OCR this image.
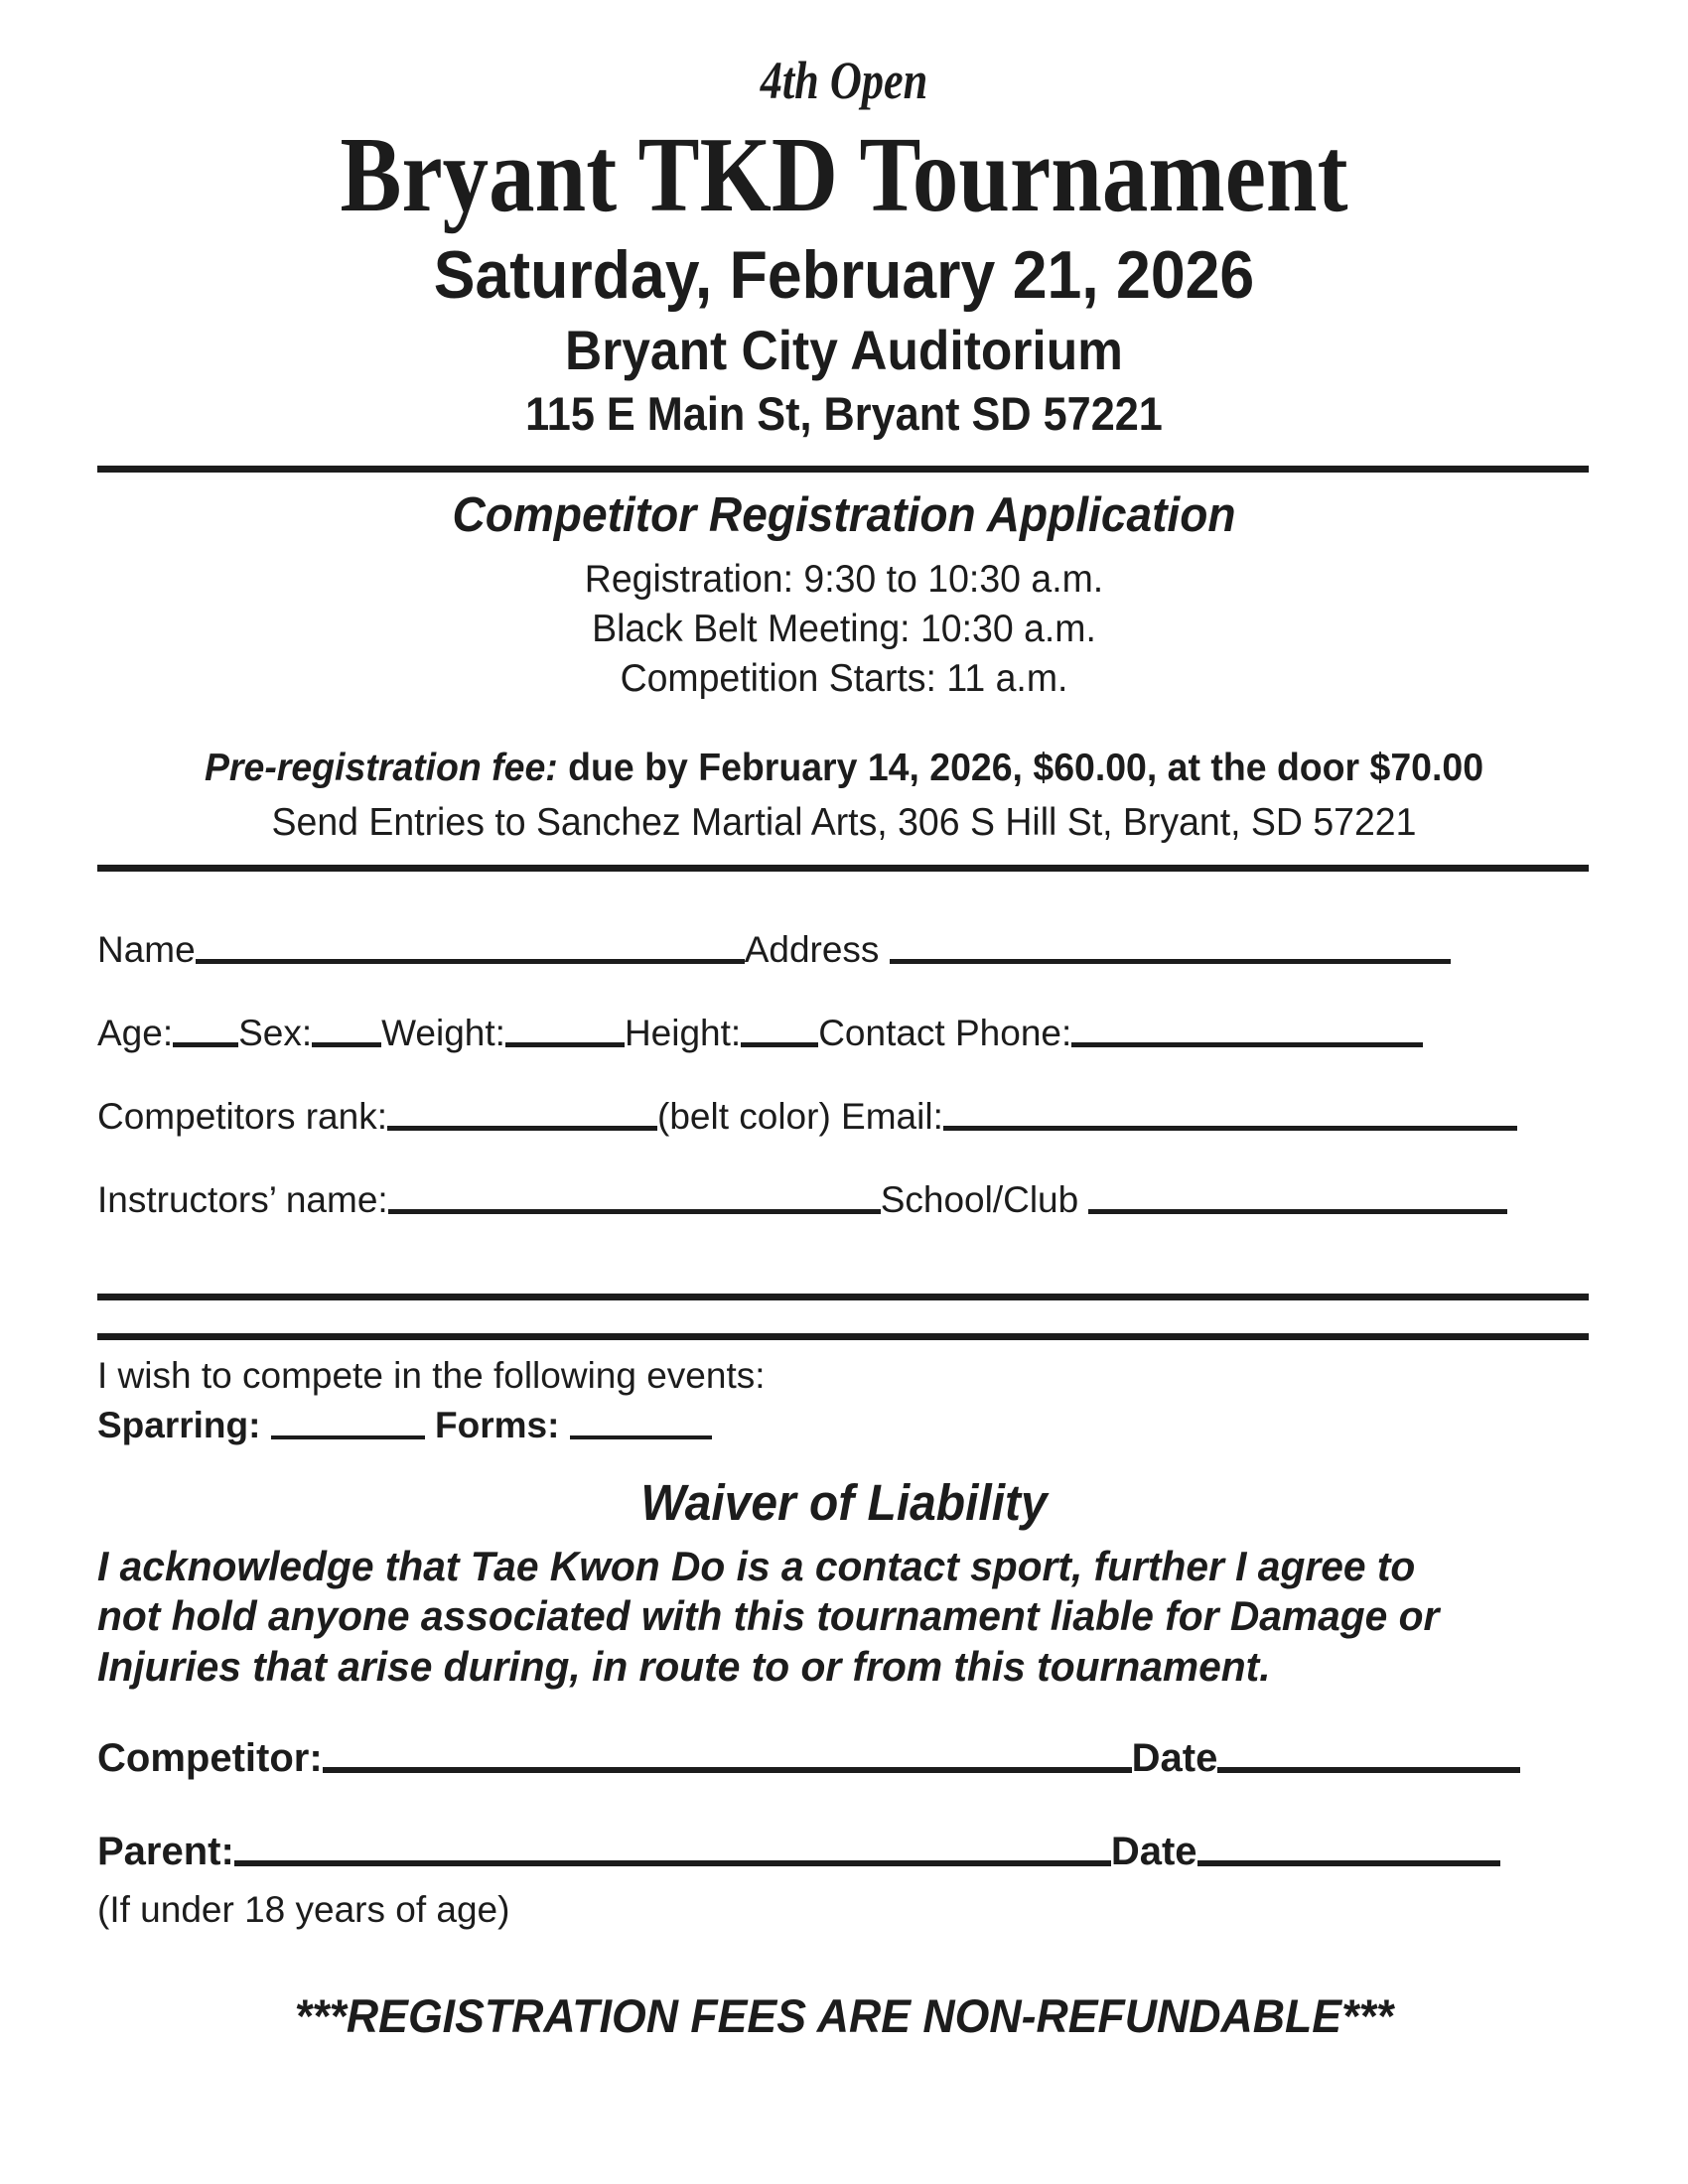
4th Open
Bryant TKD Tournament
Saturday, February 21, 2026
Bryant City Auditorium
115 E Main St, Bryant SD 57221
Competitor Registration Application
Registration: 9:30 to 10:30 a.m.
Black Belt Meeting: 10:30 a.m.
Competition Starts: 11 a.m.
Pre-registration fee: due by February 14, 2026, $60.00, at the door $70.00
Send Entries to Sanchez Martial Arts, 306 S Hill St, Bryant, SD 57221
Name	Address
Age: Sex: Weight:	Height: Contact Phone:
Competitors rank:	(belt color) Email:
Instructors’ name:	School/Club
I wish to compete in the following events:
Sparring:	Forms:
Waiver of Liability
I acknowledge that Tae Kwon Do is a contact sport, further I agree to
not hold anyone associated with this tournament liable for Damage or
Injuries that arise during, in route to or from this tournament.
Competitor:	Date
Parent:	Date
(If under 18 years of age)
***REGISTRATION FEES ARE NON-REFUNDABLE***
